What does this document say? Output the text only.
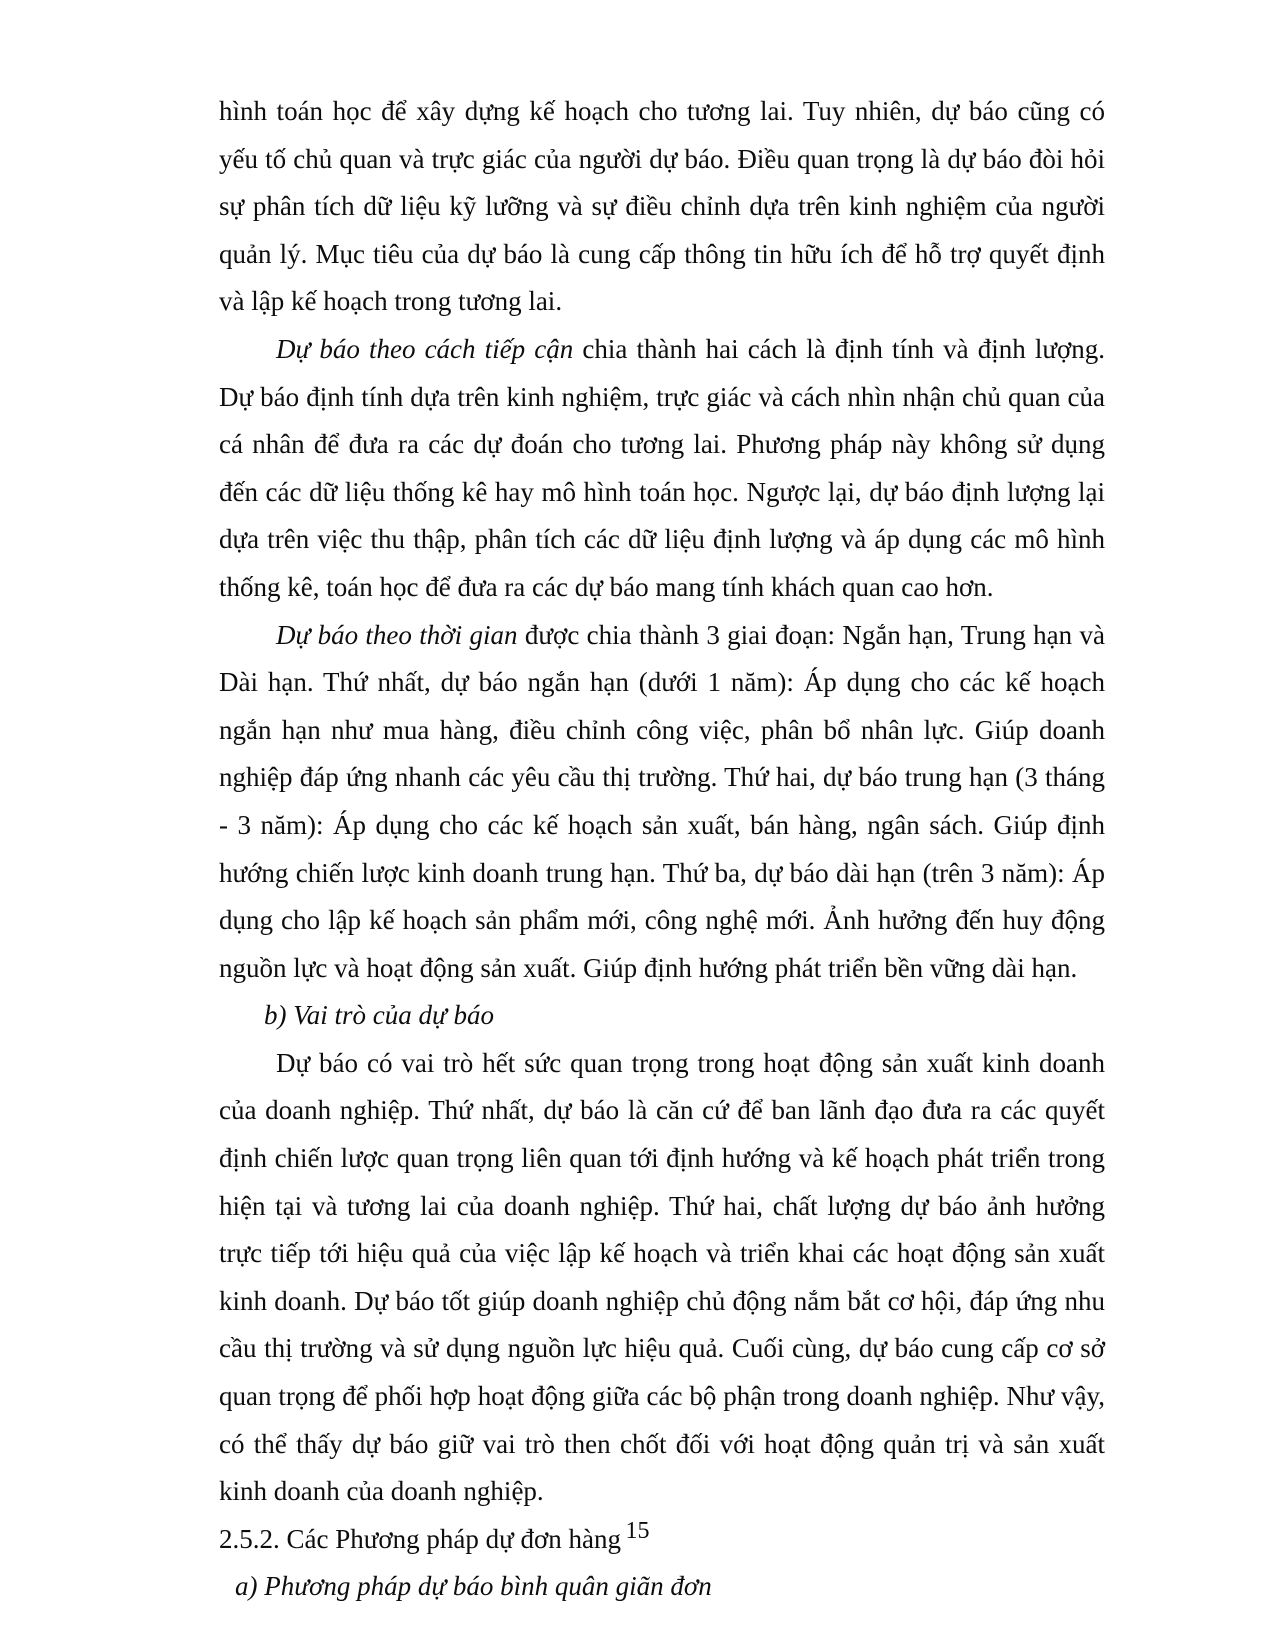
hình toán học để xây dựng kế hoạch cho tương lai. Tuy nhiên, dự báo cũng có yếu tố chủ quan và trực giác của người dự báo. Điều quan trọng là dự báo đòi hỏi sự phân tích dữ liệu kỹ lưỡng và sự điều chỉnh dựa trên kinh nghiệm của người quản lý. Mục tiêu của dự báo là cung cấp thông tin hữu ích để hỗ trợ quyết định và lập kế hoạch trong tương lai.

Dự báo theo cách tiếp cận chia thành hai cách là định tính và định lượng. Dự báo định tính dựa trên kinh nghiệm, trực giác và cách nhìn nhận chủ quan của cá nhân để đưa ra các dự đoán cho tương lai. Phương pháp này không sử dụng đến các dữ liệu thống kê hay mô hình toán học. Ngược lại, dự báo định lượng lại dựa trên việc thu thập, phân tích các dữ liệu định lượng và áp dụng các mô hình thống kê, toán học để đưa ra các dự báo mang tính khách quan cao hơn.

Dự báo theo thời gian được chia thành 3 giai đoạn: Ngắn hạn, Trung hạn và Dài hạn. Thứ nhất, dự báo ngắn hạn (dưới 1 năm): Áp dụng cho các kế hoạch ngắn hạn như mua hàng, điều chỉnh công việc, phân bổ nhân lực. Giúp doanh nghiệp đáp ứng nhanh các yêu cầu thị trường. Thứ hai, dự báo trung hạn (3 tháng - 3 năm): Áp dụng cho các kế hoạch sản xuất, bán hàng, ngân sách. Giúp định hướng chiến lược kinh doanh trung hạn. Thứ ba, dự báo dài hạn (trên 3 năm): Áp dụng cho lập kế hoạch sản phẩm mới, công nghệ mới. Ảnh hưởng đến huy động nguồn lực và hoạt động sản xuất. Giúp định hướng phát triển bền vững dài hạn.

b) Vai trò của dự báo

Dự báo có vai trò hết sức quan trọng trong hoạt động sản xuất kinh doanh của doanh nghiệp. Thứ nhất, dự báo là căn cứ để ban lãnh đạo đưa ra các quyết định chiến lược quan trọng liên quan tới định hướng và kế hoạch phát triển trong hiện tại và tương lai của doanh nghiệp. Thứ hai, chất lượng dự báo ảnh hưởng trực tiếp tới hiệu quả của việc lập kế hoạch và triển khai các hoạt động sản xuất kinh doanh. Dự báo tốt giúp doanh nghiệp chủ động nắm bắt cơ hội, đáp ứng nhu cầu thị trường và sử dụng nguồn lực hiệu quả. Cuối cùng, dự báo cung cấp cơ sở quan trọng để phối hợp hoạt động giữa các bộ phận trong doanh nghiệp. Như vậy, có thể thấy dự báo giữ vai trò then chốt đối với hoạt động quản trị và sản xuất kinh doanh của doanh nghiệp.

2.5.2. Các Phương pháp dự đơn hàng

a) Phương pháp dự báo bình quân giãn đơn

15
